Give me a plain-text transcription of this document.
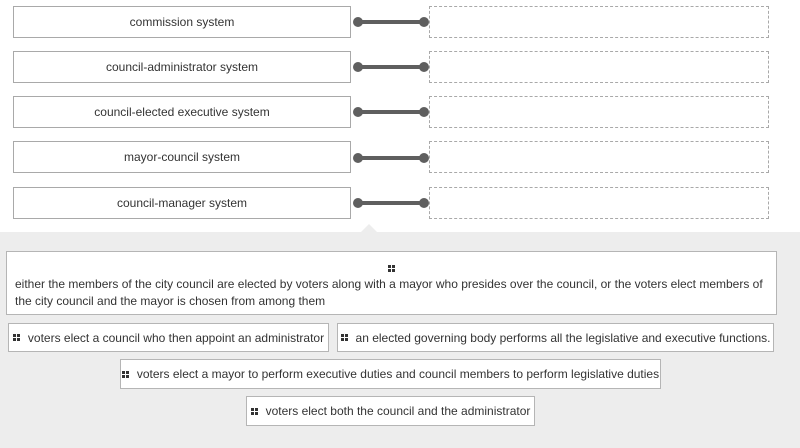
commission system
council-administrator system
council-elected executive system
mayor-council system
council-manager system
either the members of the city council are elected by voters along with a mayor who presides over the council, or the voters elect members of the city council and the mayor is chosen from among them
voters elect a council who then appoint an administrator	an elected governing body performs all the legislative and executive functions.
voters elect a mayor to perform executive duties and council members to perform legislative duties
voters elect both the council and the administrator
